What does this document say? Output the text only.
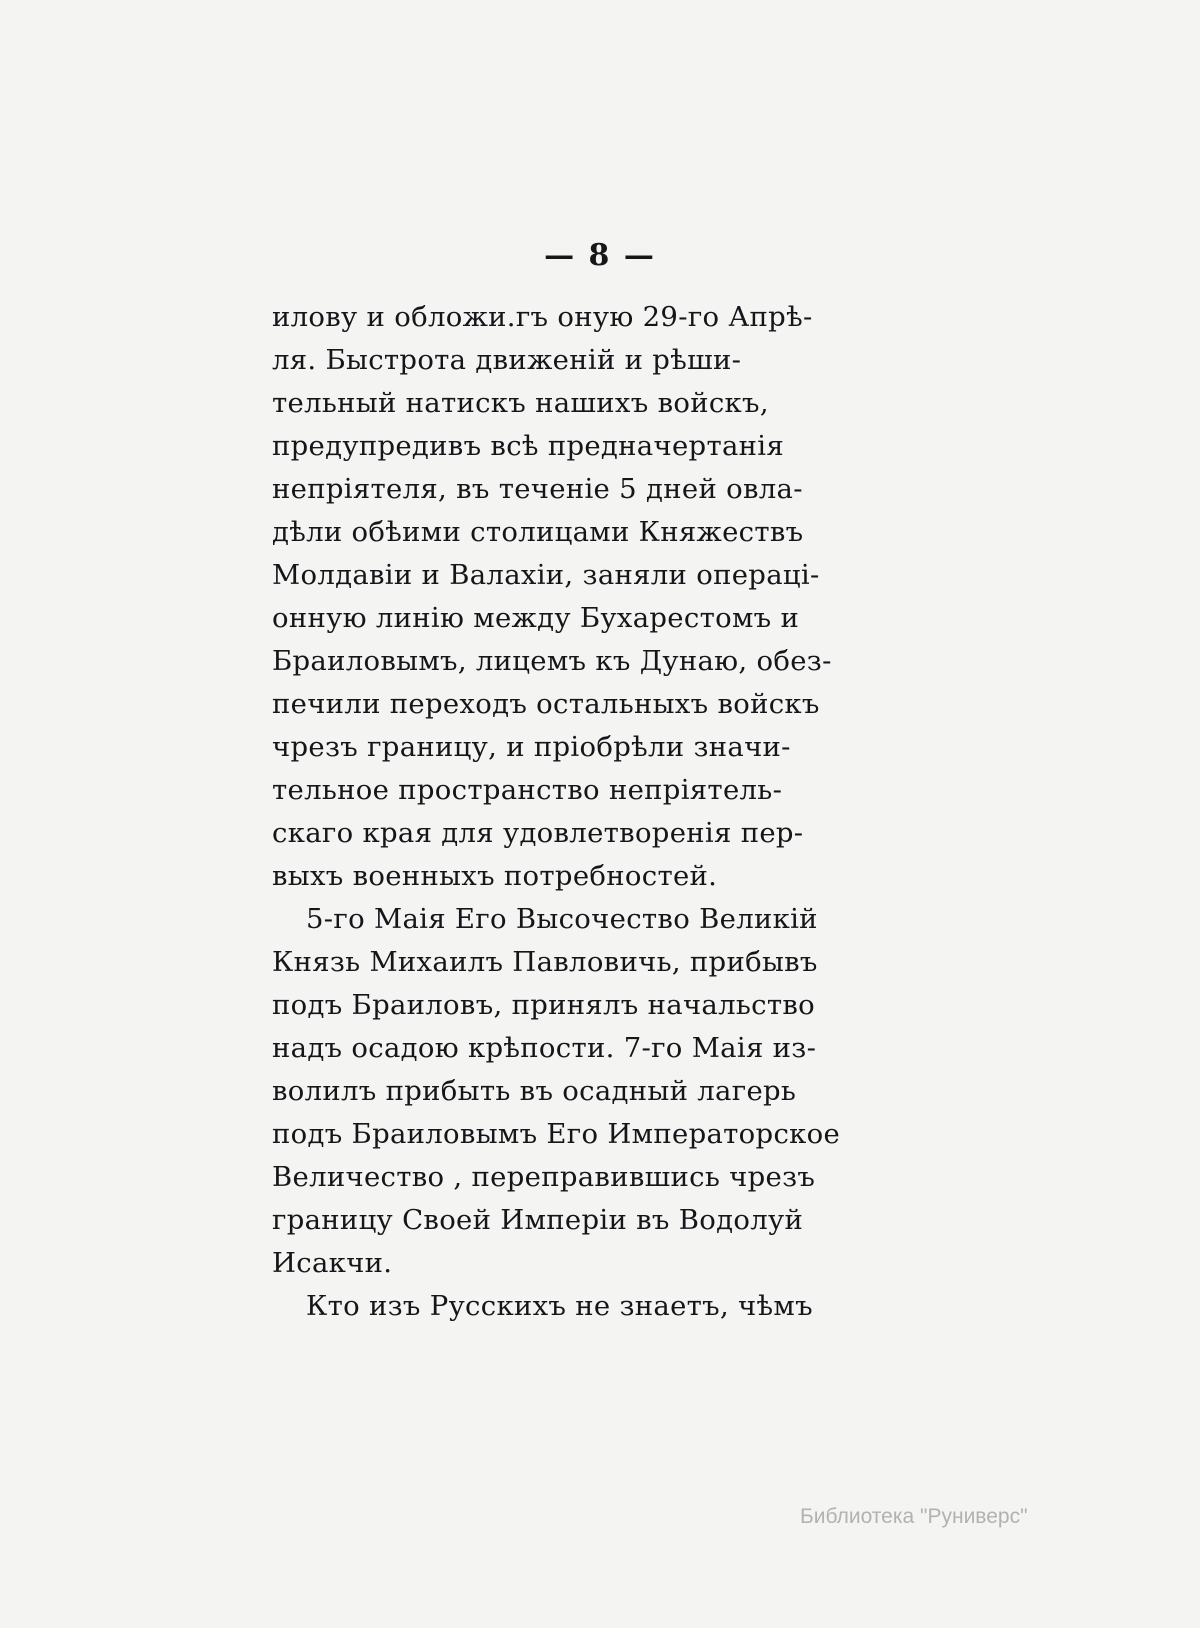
— 8 —

илову и обложи.гъ оную 29-го Апрѣ-
ля. Быстрота движеній и рѣши-
тельный натискъ нашихъ войскъ,
предупредивъ всѣ предначертанія
непріятеля, въ теченіе 5 дней овла-
дѣли обѣими столицами Княжествъ
Молдавіи и Валахіи, заняли операці-
онную линію между Бухарестомъ и
Браиловымъ, лицемъ къ Дунаю, обез-
печили переходъ остальныхъ войскъ
чрезъ границу, и пріобрѣли значи-
тельное пространство непріятель-
скаго края для удовлетворенія пер-
выхъ военныхъ потребностей.

5-го Маія Его Высочество Великій
Князь Михаилъ Павловичь, прибывъ
подъ Браиловъ, принялъ начальство
надъ осадою крѣпости. 7-го Маія из-
волилъ прибыть въ осадный лагерь
подъ Браиловымъ Его Императорское
Величество , переправившись чрезъ
границу Своей Имперіи въ Водолуй
Исакчи.

Кто изъ Русскихъ не знаетъ, чѣмъ

Библиотека "Руниверс"
